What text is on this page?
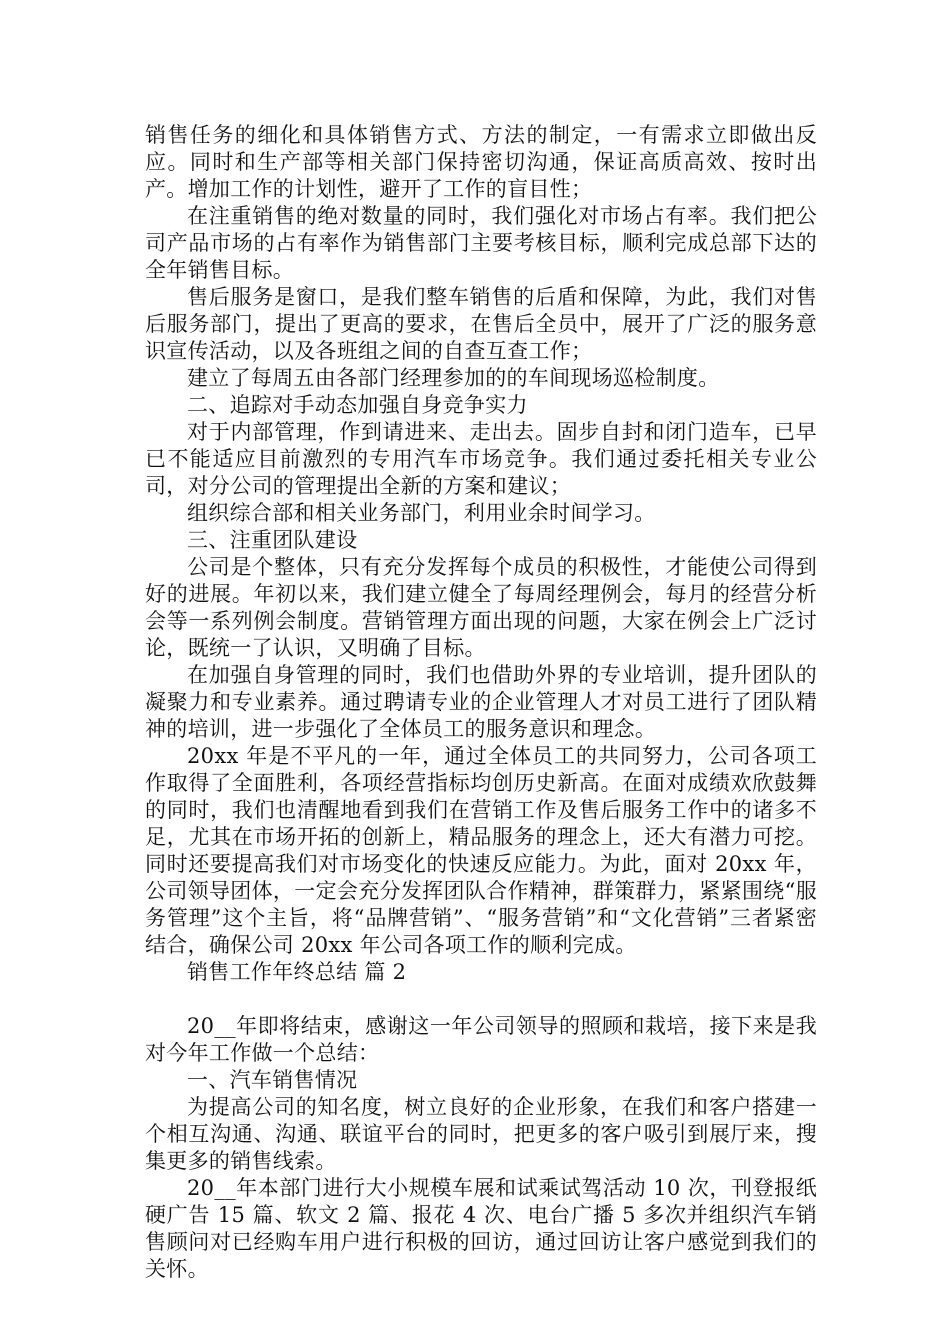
销售任务的细化和具体销售方式、方法的制定，一有需求立即做出反应。同时和生产部等相关部门保持密切沟通，保证高质高效、按时出产。增加工作的计划性，避开了工作的盲目性；

在注重销售的绝对数量的同时，我们强化对市场占有率。我们把公司产品市场的占有率作为销售部门主要考核目标，顺利完成总部下达的全年销售目标。

售后服务是窗口，是我们整车销售的后盾和保障，为此，我们对售后服务部门，提出了更高的要求，在售后全员中，展开了广泛的服务意识宣传活动，以及各班组之间的自查互查工作；

建立了每周五由各部门经理参加的的车间现场巡检制度。

二、追踪对手动态加强自身竞争实力

对于内部管理，作到请进来、走出去。固步自封和闭门造车，已早已不能适应目前激烈的专用汽车市场竞争。我们通过委托相关专业公司，对分公司的管理提出全新的方案和建议；

组织综合部和相关业务部门，利用业余时间学习。

三、注重团队建设

公司是个整体，只有充分发挥每个成员的积极性，才能使公司得到好的进展。年初以来，我们建立健全了每周经理例会，每月的经营分析会等一系列例会制度。营销管理方面出现的问题，大家在例会上广泛讨论，既统一了认识，又明确了目标。

在加强自身管理的同时，我们也借助外界的专业培训，提升团队的凝聚力和专业素养。通过聘请专业的企业管理人才对员工进行了团队精神的培训，进一步强化了全体员工的服务意识和理念。

20xx 年是不平凡的一年，通过全体员工的共同努力，公司各项工作取得了全面胜利，各项经营指标均创历史新高。在面对成绩欢欣鼓舞的同时，我们也清醒地看到我们在营销工作及售后服务工作中的诸多不足，尤其在市场开拓的创新上，精品服务的理念上，还大有潜力可挖。同时还要提高我们对市场变化的快速反应能力。为此，面对 20xx 年，公司领导团体，一定会充分发挥团队合作精神，群策群力，紧紧围绕“服务管理”这个主旨，将“品牌营销”、“服务营销”和“文化营销”三者紧密结合，确保公司 20xx 年公司各项工作的顺利完成。

销售工作年终总结 篇 2

20__年即将结束，感谢这一年公司领导的照顾和栽培，接下来是我对今年工作做一个总结：

一、汽车销售情况

为提高公司的知名度，树立良好的企业形象，在我们和客户搭建一个相互沟通、沟通、联谊平台的同时，把更多的客户吸引到展厅来，搜集更多的销售线索。

20__年本部门进行大小规模车展和试乘试驾活动 10 次，刊登报纸硬广告 15 篇、软文 2 篇、报花 4 次、电台广播 5 多次并组织汽车销售顾问对已经购车用户进行积极的回访，通过回访让客户感觉到我们的关怀。
